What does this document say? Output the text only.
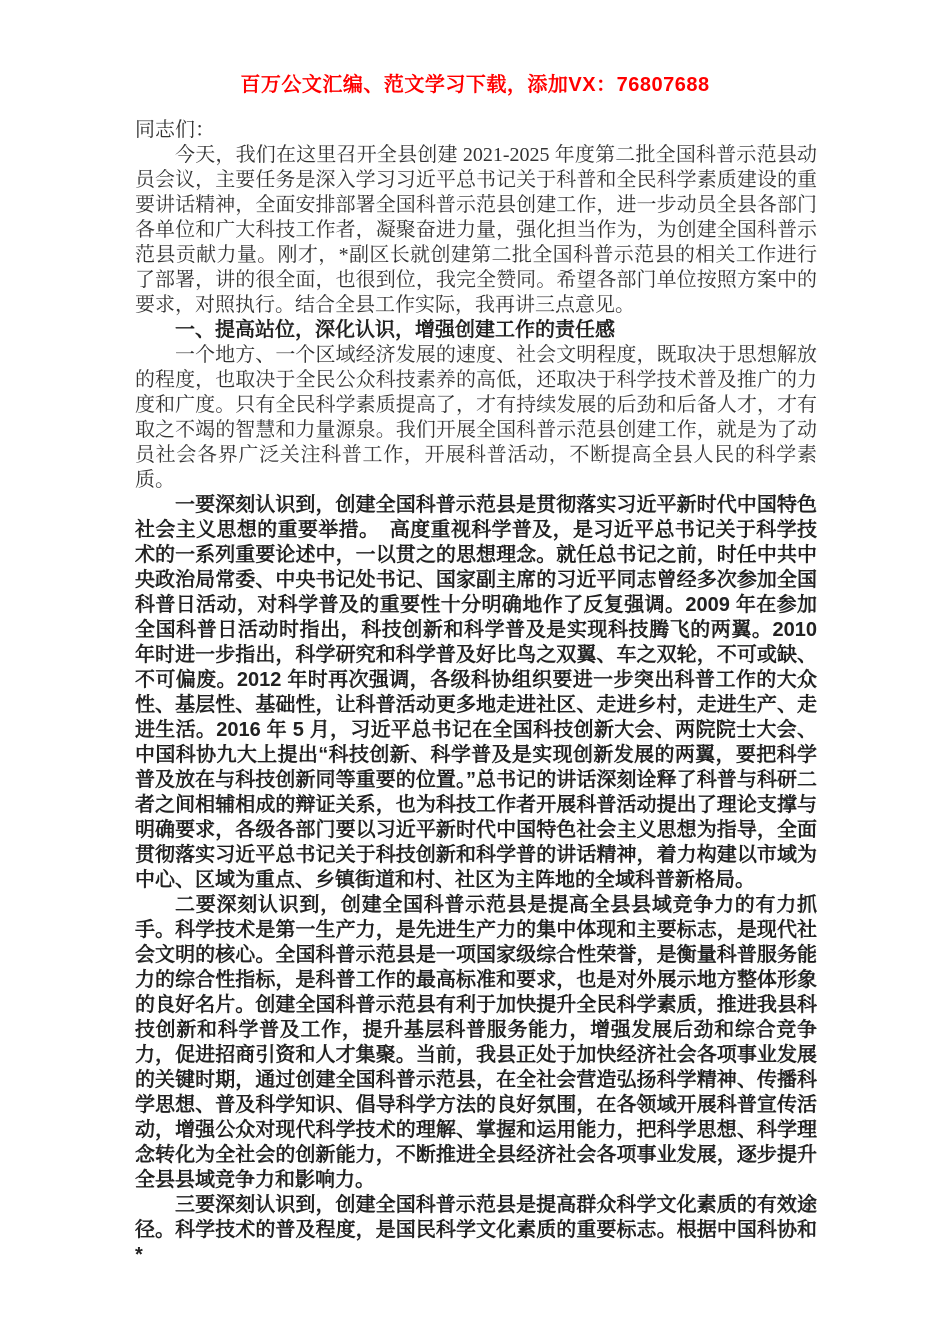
百万公文汇编、范文学习下载，添加VX：76807688

同志们：

今天，我们在这里召开全县创建 2021-2025 年度第二批全国科普示范县动员会议，主要任务是深入学习习近平总书记关于科普和全民科学素质建设的重要讲话精神，全面安排部署全国科普示范县创建工作，进一步动员全县各部门各单位和广大科技工作者，凝聚奋进力量，强化担当作为，为创建全国科普示范县贡献力量。刚才，*副区长就创建第二批全国科普示范县的相关工作进行了部署，讲的很全面，也很到位，我完全赞同。希望各部门单位按照方案中的要求，对照执行。结合全县工作实际，我再讲三点意见。

一、提高站位，深化认识，增强创建工作的责任感

一个地方、一个区域经济发展的速度、社会文明程度，既取决于思想解放的程度，也取决于全民公众科技素养的高低，还取决于科学技术普及推广的力度和广度。只有全民科学素质提高了，才有持续发展的后劲和后备人才，才有取之不竭的智慧和力量源泉。我们开展全国科普示范县创建工作，就是为了动员社会各界广泛关注科普工作，开展科普活动，不断提高全县人民的科学素质。

一要深刻认识到，创建全国科普示范县是贯彻落实习近平新时代中国特色社会主义思想的重要举措。　高度重视科学普及，是习近平总书记关于科学技术的一系列重要论述中，一以贯之的思想理念。就任总书记之前，时任中共中央政治局常委、中央书记处书记、国家副主席的习近平同志曾经多次参加全国科普日活动，对科学普及的重要性十分明确地作了反复强调。2009 年在参加全国科普日活动时指出，科技创新和科学普及是实现科技腾飞的两翼。2010 年时进一步指出，科学研究和科学普及好比鸟之双翼、车之双轮，不可或缺、不可偏废。2012 年时再次强调，各级科协组织要进一步突出科普工作的大众性、基层性、基础性，让科普活动更多地走进社区、走进乡村，走进生产、走进生活。2016 年 5 月，习近平总书记在全国科技创新大会、两院院士大会、中国科协九大上提出“科技创新、科学普及是实现创新发展的两翼，要把科学普及放在与科技创新同等重要的位置。”总书记的讲话深刻诠释了科普与科研二者之间相辅相成的辩证关系，也为科技工作者开展科普活动提出了理论支撑与明确要求，各级各部门要以习近平新时代中国特色社会主义思想为指导，全面贯彻落实习近平总书记关于科技创新和科学普的讲话精神，着力构建以市域为中心、区域为重点、乡镇街道和村、社区为主阵地的全域科普新格局。

二要深刻认识到，创建全国科普示范县是提高全县县域竞争力的有力抓手。科学技术是第一生产力，是先进生产力的集中体现和主要标志，是现代社会文明的核心。全国科普示范县是一项国家级综合性荣誉，是衡量科普服务能力的综合性指标，是科普工作的最高标准和要求，也是对外展示地方整体形象的良好名片。创建全国科普示范县有利于加快提升全民科学素质，推进我县科技创新和科学普及工作，提升基层科普服务能力，增强发展后劲和综合竞争力，促进招商引资和人才集聚。当前，我县正处于加快经济社会各项事业发展的关键时期，通过创建全国科普示范县，在全社会营造弘扬科学精神、传播科学思想、普及科学知识、倡导科学方法的良好氛围，在各领域开展科普宣传活动，增强公众对现代科学技术的理解、掌握和运用能力，把科学思想、科学理念转化为全社会的创新能力，不断推进全县经济社会各项事业发展，逐步提升全县县域竞争力和影响力。

三要深刻认识到，创建全国科普示范县是提高群众科学文化素质的有效途径。科学技术的普及程度，是国民科学文化素质的重要标志。根据中国科协和*
